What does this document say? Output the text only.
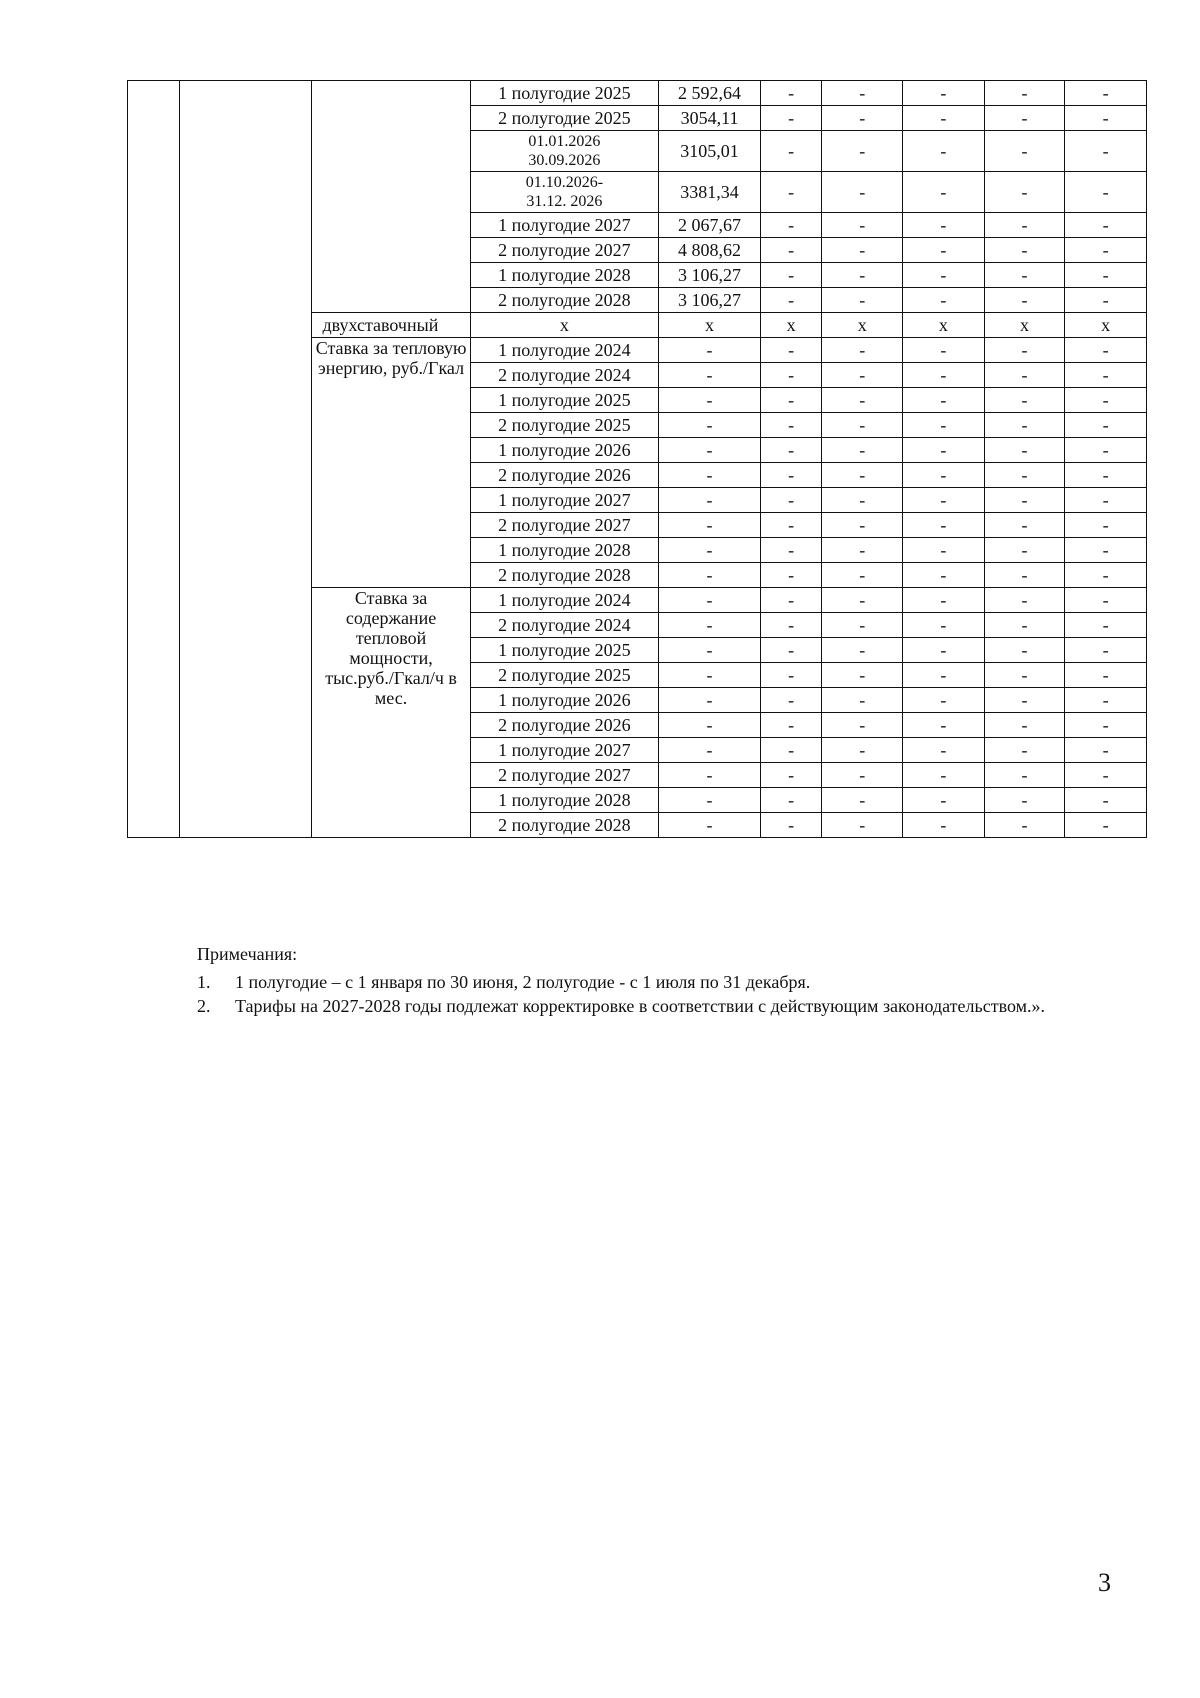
			1 полугодие 2025	2 592,64	-	-	-	-	-
			2 полугодие 2025	3054,11	-	-	-	-	-
			01.01.2026
30.09.2026	3105,01	-	-	-	-	-
			01.10.2026-
31.12. 2026	3381,34	-	-	-	-	-
			1 полугодие 2027	2 067,67	-	-	-	-	-
			2 полугодие 2027	4 808,62	-	-	-	-	-
			1 полугодие 2028	3 106,27	-	-	-	-	-
			2 полугодие 2028	3 106,27	-	-	-	-	-
		двухставочный	x	x	x	x	x	x	x
		Ставка за тепловую энергию, руб./Гкал	1 полугодие 2024	-	-	-	-	-	-
			2 полугодие 2024	-	-	-	-	-	-
			1 полугодие 2025	-	-	-	-	-	-
			2 полугодие 2025	-	-	-	-	-	-
			1 полугодие 2026	-	-	-	-	-	-
			2 полугодие 2026	-	-	-	-	-	-
			1 полугодие 2027	-	-	-	-	-	-
			2 полугодие 2027	-	-	-	-	-	-
			1 полугодие 2028	-	-	-	-	-	-
			2 полугодие 2028	-	-	-	-	-	-
		Ставка за содержание тепловой мощности, тыс.руб./Гкал/ч в мес.	1 полугодие 2024	-	-	-	-	-	-
			2 полугодие 2024	-	-	-	-	-	-
			1 полугодие 2025	-	-	-	-	-	-
			2 полугодие 2025	-	-	-	-	-	-
			1 полугодие 2026	-	-	-	-	-	-
			2 полугодие 2026	-	-	-	-	-	-
			1 полугодие 2027	-	-	-	-	-	-
			2 полугодие 2027	-	-	-	-	-	-
			1 полугодие 2028	-	-	-	-	-	-
			2 полугодие 2028	-	-	-	-	-	-
Примечания:
1. 1 полугодие – с 1 января по 30 июня, 2 полугодие - с 1 июля по 31 декабря.
2. Тарифы на 2027-2028 годы подлежат корректировке в соответствии с действующим законодательством.».
3
